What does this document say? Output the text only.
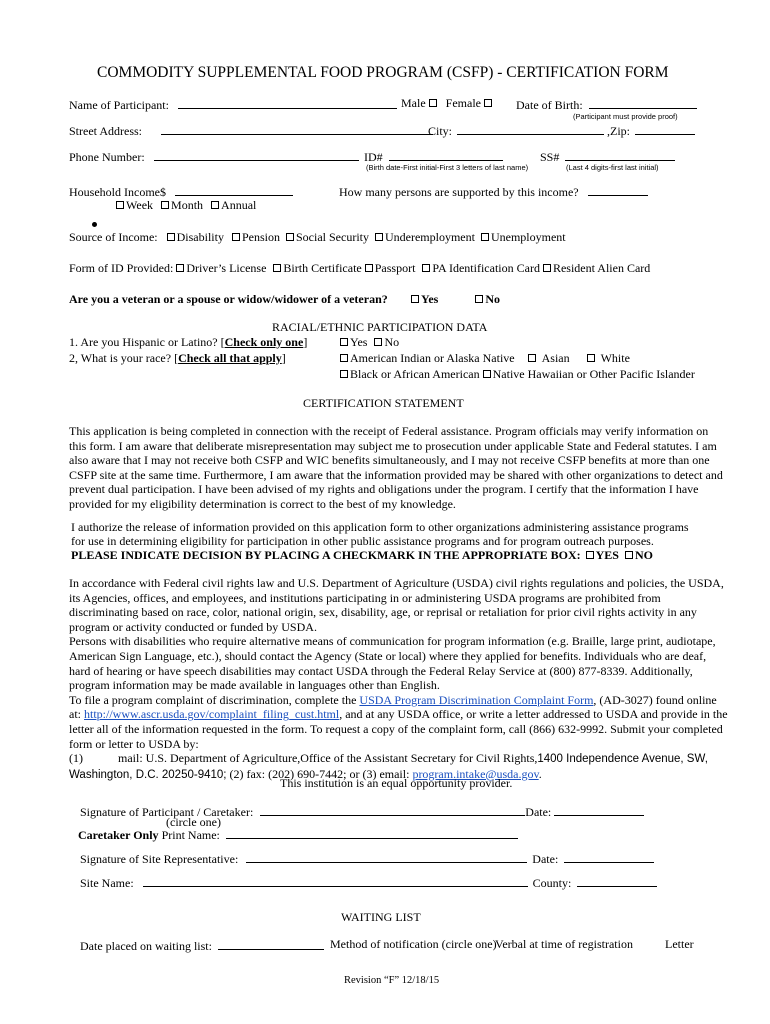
COMMODITY SUPPLEMENTAL FOOD PROGRAM (CSFP) - CERTIFICATION FORM
Name of Participant:	Male Female	Date of Birth:
(Participant must provide proof)
Street Address:	City:	,Zip:
Phone Number:	ID#
(Birth date-First initial-First 3 letters of last name)
SS#
(Last 4 digits-first last initial)
Household Income$	How many persons are supported by this income?
Week Month Annual
Source of Income: Disability Pension Social Security Underemployment Unemployment
Form of ID Provided: Driver’s License Birth Certificate Passport PA Identification Card Resident Alien Card
Are you a veteran or a spouse or widow/widower of a veteran?	Yes	No
RACIAL/ETHNIC PARTICIPATION DATA
1. Are you Hispanic or Latino? [Check only one]	Yes No
2, What is your race? [Check all that apply]	American Indian or Alaska Native Asian	White
Black or African American Native Hawaiian or Other Pacific Islander
CERTIFICATION STATEMENT
This application is being completed in connection with the receipt of Federal assistance. Program officials may verify information on this form. I am aware that deliberate misrepresentation may subject me to prosecution under applicable State and Federal statutes. I am also aware that I may not receive both CSFP and WIC benefits simultaneously, and I may not receive CSFP benefits at more than one CSFP site at the same time. Furthermore, I am aware that the information provided may be shared with other organizations to detect and prevent dual participation. I have been advised of my rights and obligations under the program. I certify that the information I have provided for my eligibility determination is correct to the best of my knowledge.
I authorize the release of information provided on this application form to other organizations administering assistance programs for use in determining eligibility for participation in other public assistance programs and for program outreach purposes.
PLEASE INDICATE DECISION BY PLACING A CHECKMARK IN THE APPROPRIATE BOX: YES NO
In accordance with Federal civil rights law and U.S. Department of Agriculture (USDA) civil rights regulations and policies, the USDA, its Agencies, offices, and employees, and institutions participating in or administering USDA programs are prohibited from discriminating based on race, color, national origin, sex, disability, age, or reprisal or retaliation for prior civil rights activity in any program or activity conducted or funded by USDA.
Persons with disabilities who require alternative means of communication for program information (e.g. Braille, large print, audiotape, American Sign Language, etc.), should contact the Agency (State or local) where they applied for benefits. Individuals who are deaf, hard of hearing or have speech disabilities may contact USDA through the Federal Relay Service at (800) 877-8339. Additionally, program information may be made available in languages other than English.
To file a program complaint of discrimination, complete the USDA Program Discrimination Complaint Form, (AD-3027) found online at: http://www.ascr.usda.gov/complaint_filing_cust.html, and at any USDA office, or write a letter addressed to USDA and provide in the letter all of the information requested in the form. To request a copy of the complaint form, call (866) 632-9992. Submit your completed form or letter to USDA by:
(1)	mail: U.S. Department of Agriculture,Office of the Assistant Secretary for Civil Rights,1400 Independence Avenue, SW,
Washington, D.C. 20250-9410; (2) fax: (202) 690-7442; or (3) email: program.intake@usda.gov.
This institution is an equal opportunity provider.
Signature of Participant / Caretaker:	Date:
(circle one)
Caretaker Only Print Name:
Signature of Site Representative:	Date:
Site Name:	County:
WAITING LIST
Date placed on waiting list:	Method of notification (circle one)
Verbal at time of registration	Letter
Revision “F” 12/18/15
